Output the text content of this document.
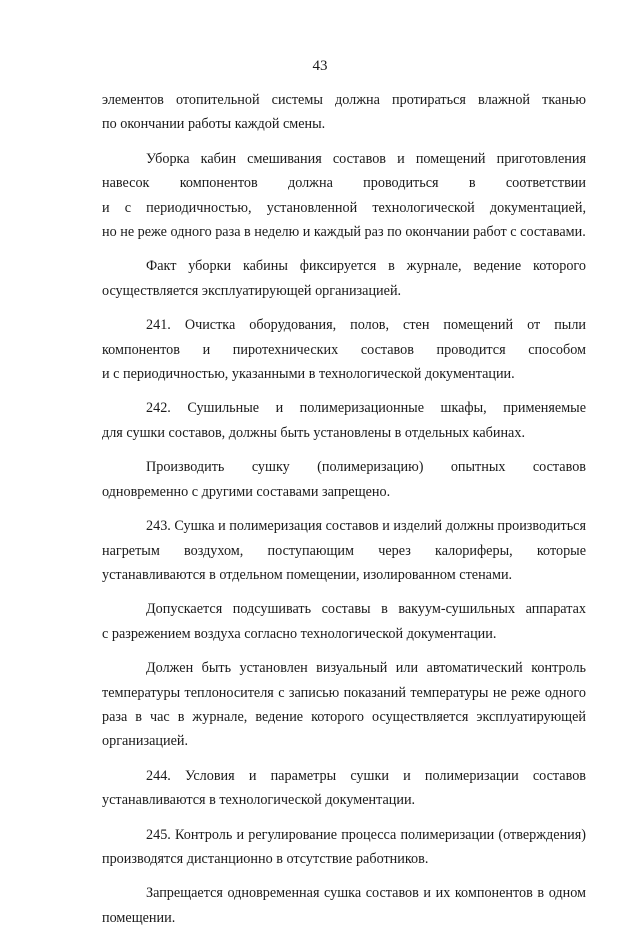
43

элементов отопительной системы должна протираться влажной тканью
по окончании работы каждой смены.

Уборка кабин смешивания составов и помещений приготовления
навесок компонентов должна проводиться в соответствии
и с периодичностью, установленной технологической документацией,
но не реже одного раза в неделю и каждый раз по окончании работ с составами.

Факт уборки кабины фиксируется в журнале, ведение которого
осуществляется эксплуатирующей организацией.

241. Очистка оборудования, полов, стен помещений от пыли
компонентов и пиротехнических составов проводится способом
и с периодичностью, указанными в технологической документации.

242. Сушильные и полимеризационные шкафы, применяемые
для сушки составов, должны быть установлены в отдельных кабинах.

Производить сушку (полимеризацию) опытных составов
одновременно с другими составами запрещено.

243. Сушка и полимеризация составов и изделий должны производиться
нагретым воздухом, поступающим через калориферы, которые
устанавливаются в отдельном помещении, изолированном стенами.

Допускается подсушивать составы в вакуум-сушильных аппаратах
с разрежением воздуха согласно технологической документации.

Должен быть установлен визуальный или автоматический контроль
температуры теплоносителя с записью показаний температуры не реже одного
раза в час в журнале, ведение которого осуществляется эксплуатирующей
организацией.

244. Условия и параметры сушки и полимеризации составов
устанавливаются в технологической документации.

245. Контроль и регулирование процесса полимеризации (отверждения)
производятся дистанционно в отсутствие работников.

Запрещается одновременная сушка составов и их компонентов в одном
помещении.
